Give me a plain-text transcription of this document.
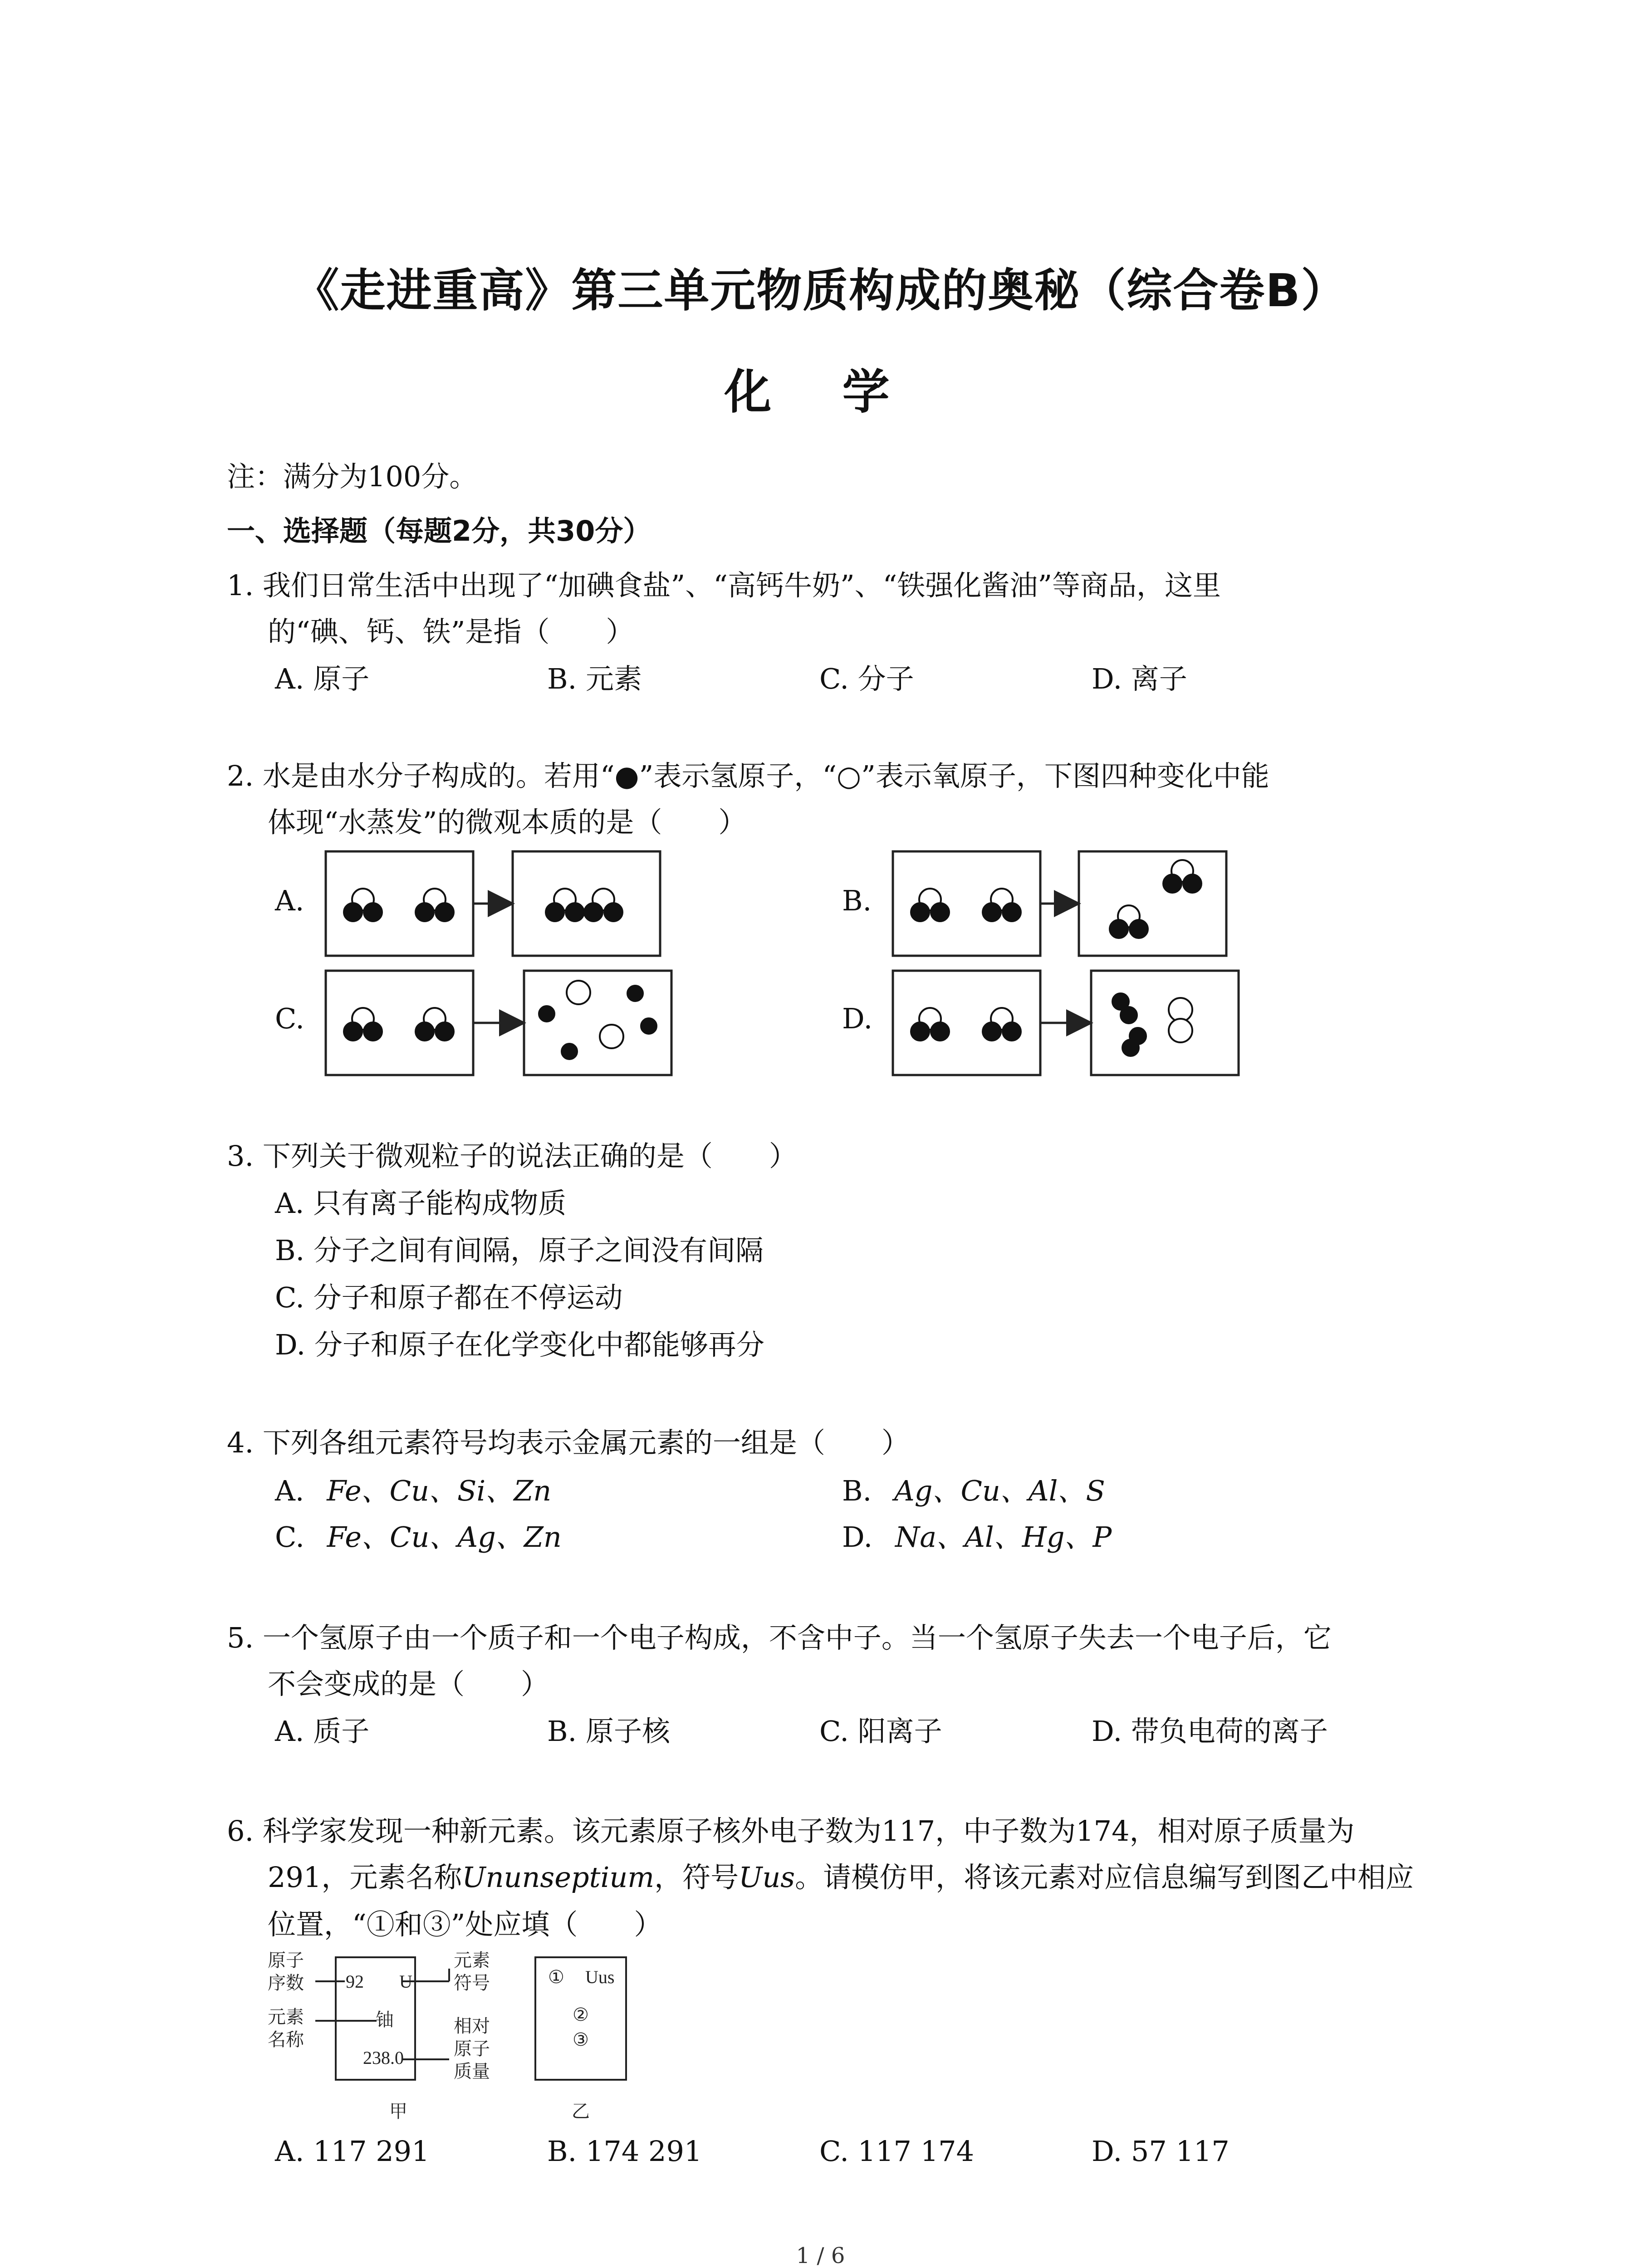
《走进重高》第三单元物质构成的奥秘（综合卷B）
化 学
注：满分为100分。
一、选择题（每题2分，共30分）
1. 我们日常生活中出现了“加碘食盐”、“高钙牛奶”、“铁强化酱油”等商品，这里
的“碘、钙、铁”是指（　　）
A. 原子	B. 元素	C. 分子	D. 离子
2. 水是由水分子构成的。若用“●”表示氢原子，“○”表示氧原子，下图四种变化中能
体现“水蒸发”的微观本质的是（　　）
A.	B.
C.	D.
3. 下列关于微观粒子的说法正确的是（　　）
A. 只有离子能构成物质
B. 分子之间有间隔，原子之间没有间隔
C. 分子和原子都在不停运动
D. 分子和原子在化学变化中都能够再分
4. 下列各组元素符号均表示金属元素的一组是（　　）
A. Fe、Cu、Si、Zn	B. Ag、Cu、Al、S
C. Fe、Cu、Ag、Zn	D. Na、Al、Hg、P
5. 一个氢原子由一个质子和一个电子构成，不含中子。当一个氢原子失去一个电子后，它
不会变成的是（　　）
A. 质子	B. 原子核	C. 阳离子	D. 带负电荷的离子
6. 科学家发现一种新元素。该元素原子核外电子数为117，中子数为174，相对原子质量为
291，元素名称Ununseptium，符号Uus。请模仿甲，将该元素对应信息编写到图乙中相应
位置，“①和③”处应填（　　）
原子
序数
元素
名称
元素
符号
相对
原子
质量
92 U
铀
238.0
① Uus
②
③
甲	乙
A. 117 291	B. 174 291	C. 117 174	D. 57 117
1 / 6
